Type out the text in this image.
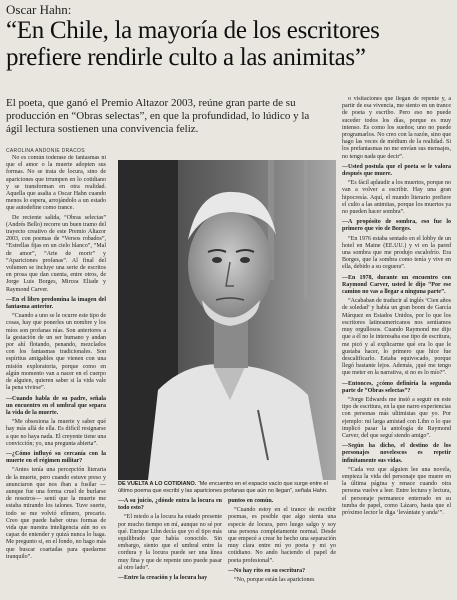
Oscar Hahn:
“En Chile, la mayoría de los escritores prefiere rendirle culto a las animitas”
El poeta, que ganó el Premio Altazor 2003, reúne gran parte de su producción en “Obras selectas”, en que la profundidad, lo lúdico y la ágil lectura sostienen una convivencia feliz.
CAROLINA ANDONIE DRACOS

No es común toderase de fantasmas ni que el amor o la muerte adopten sus formas. No se trata de locura, sino de apariciones que irrumpen en lo cotidiano y se transforman en otra realidad. Aquella que asalta a Oscar Hahn cuando menos lo espera, arrojándolo a un estado que autodefine como trance.

De reciente salida, “Obras selectas” (Andrés Bello) recorre un buen tramo del trayecto creativo de este Premio Altazor 2003, con poemas de “Versos robados”, “Estrellas fijas en un cielo blanco”, “Mal de amor”, “Arte de morir” y “Apariciones profanas”. Al final del volumen se incluye una serie de escritos en prosa que dan cuenta, entre otros, de Jorge Luis Borges, Mircea Eliade y Raymond Carver.

—En el libro predomina la imagen del fantasma anterior.

“Cuando a uno se le ocurre este tipo de cosas, hay que ponerles un nombre y los míos son profanas nías. Son anteriores a la gestación de un ser humano y andan por ahí flotando, penando, mezclados con los fantasmas tradicionales. Son espíritus amigables que vienen con una misión exploratoria, porque como en algún momento van a nacer en el cuerpo de alguien, quieren saber si la vida vale la pena vivirse”.

—Cuando habla de su padre, señala un encuentro en el umbral que separa la vida de la muerte.

“Me obsesiona la muerte y saber qué hay más allá de ella. Es difícil resignarse a que no haya nada. El creyente tiene una convicción; yo, una pregunta abierta”.

—¿Cómo influyó su cercanía con la muerte en el régimen militar?

“Antes tenía una percepción literaria de la muerte, pero cuando estuve preso y anunciaron que nos iban a fusilar —aunque fue una forma cruel de burlarse de nosotros— sentí que la muerte me estaba mirando los talones. Tuve suerte, todo se me volvió efímero, precario. Creo que puede haber otras formas de vida que nuestra inteligencia aún no es capaz de entender y quizá nunca lo haga. Me pregunto si, en el fondo, no hago más que buscar coartadas para quedarme tranquilo”.

DE VUELTA A LO COTIDIANO. “Me encuentro en el espacio vacío que surge entre el último poema que escribí y las apariciones profanas que aún no llegan”, señala Hahn.

—A su juicio, ¿dónde entra la locura en todo esto?

“El miedo a la locura ha estado presente por mucho tiempo en mí, aunque no sé por qué. Enrique Lihn decía que yo el tipo más equilibrado que había conocido. Sin embargo, siento que el umbral entre la cordura y la locura puede ser una línea muy fina y que de repente uno puede pasar al otro lado”.

—Entre la creación y la locura hay

puntos en común.

“Cuando estoy en el trance de escribir poemas, es posible que algo sienta una especie de locura, pero luego salgo y soy una persona completamente normal. Desde que empecé a crear he hecho una separación muy clara entre mí yo poeta y mi yo cotidiano. No ando haciendo el papel de poeta profesional”.

—No hay rito en su escritura?

“No, porque están las apariciones

o visitaciones que llegan de repente y, a partir de esa vivencia, me siento en un trance de poeta y escribo. Pero eso no puede suceder todos los días, porque es muy intenso. Es como los sueños; uno no puede programarlos. No creo con la razón, sino que hago las veces de médium de la realidad. Si los prefantasmas no me envían sus mensajes, no tengo nada que decir”.

—Usted postula que el poeta se le valora después que muere.

“Es fácil aplaudir a los muertos, porque no van a volver a escribir. Hay una gran hipocresía. Aquí, el mundo literario prefiere el culto a las animitas, porque los muertos ya no pueden hacer sombra”.

—A propósito de sombra, eso fue lo primero que vio de Borges.

“En 1976 estaba sentado en el lobby de un hotel en Maine (EE.UU.) y vi en la pared una sombra que me produjo escalofrío. Era Borges, que la sombra como tenía y vive en ella, debido a su ceguera”.

—En 1978, durante un encuentro con Raymond Carver, usted le dijo “Por ese camino no vas a llegar a ninguna parte”.

“Acababan de traducir al inglés ‘Cien años de soledad’ y había un gran boom de García Márquez en Estados Unidos, por lo que los escritores latinoamericanos nos sentíamos muy orgullosos. Cuando Raymond me dijo que a él no le interesaba ese tipo de escritura, me picó y al explicarme qué era lo que le gustaba hacer, lo primero que hice fue descalificarlo. Estaba equivocado, porque llegó bastante lejos. Además, ¡qué me tengo que meter en la narrativa, si no es lo mío?”.

—Entonces, ¿cómo definiría la segunda parte de “Obras selectas”?

“Jorge Edwards me instó a seguir en este tipo de escritura, en la que narro experiencias con personas más ultimistas que yo. Por ejemplo: mi larga amistad con Lihn o lo que implicó pasar la antología de Raymond Carver, del que seguí siendo amigo”.

—Según ha dicho, el destino de los personajes novelescos es repetir infinitamente sus vidas.

“Cada vez que alguien lee una novela, empieza la vida del personaje que muere en la última página y renace cuando otra persona vuelve a leer. Entre lectura y lectura, el personaje permanece enterrado en su tumba de papel, como Lázaro, hasta que el próximo lector le diga ‘levántate y anda’”.
